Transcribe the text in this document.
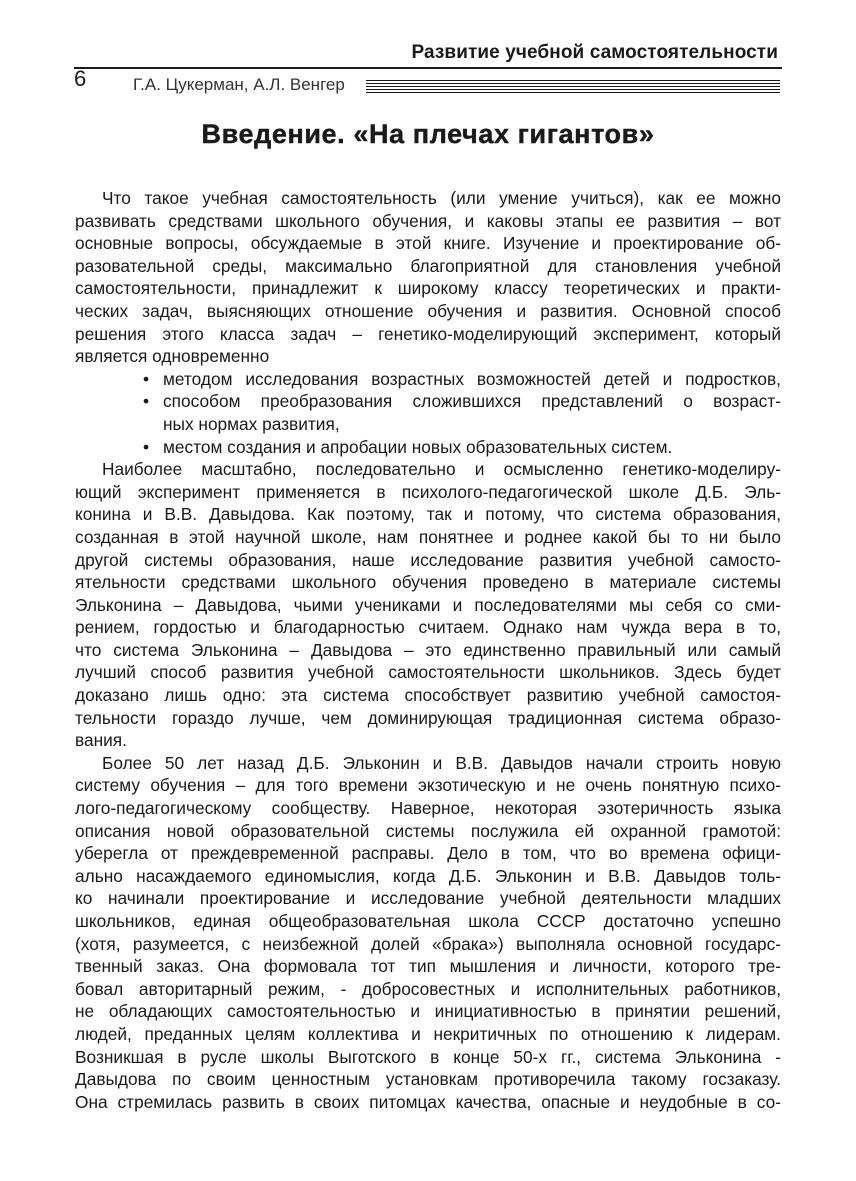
Развитие учебной самостоятельности
6	Г.А. Цукерман, А.Л. Венгер
Введение. «На плечах гигантов»
Что такое учебная самостоятельность (или умение учиться), как ее можно
развивать средствами школьного обучения, и каковы этапы ее развития – вот
основные вопросы, обсуждаемые в этой книге. Изучение и проектирование об-
разовательной среды, максимально благоприятной для становления учебной
самостоятельности, принадлежит к широкому классу теоретических и практи-
ческих задач, выясняющих отношение обучения и развития. Основной способ
решения этого класса задач – генетико-моделирующий эксперимент, который
является одновременно
• методом исследования возрастных возможностей детей и подростков,
• способом преобразования сложившихся представлений о возраст-
ных нормах развития,
• местом создания и апробации новых образовательных систем.
Наиболее масштабно, последовательно и осмысленно генетико-моделиру-
ющий эксперимент применяется в психолого-педагогической школе Д.Б. Эль-
конина и В.В. Давыдова. Как поэтому, так и потому, что система образования,
созданная в этой научной школе, нам понятнее и роднее какой бы то ни было
другой системы образования, наше исследование развития учебной самосто-
ятельности средствами школьного обучения проведено в материале системы
Эльконина – Давыдова, чьими учениками и последователями мы себя со сми-
рением, гордостью и благодарностью считаем. Однако нам чужда вера в то,
что система Эльконина – Давыдова – это единственно правильный или самый
лучший способ развития учебной самостоятельности школьников. Здесь будет
доказано лишь одно: эта система способствует развитию учебной самостоя-
тельности гораздо лучше, чем доминирующая традиционная система образо-
вания.
Более 50 лет назад Д.Б. Эльконин и В.В. Давыдов начали строить новую
систему обучения – для того времени экзотическую и не очень понятную психо-
лого-педагогическому сообществу. Наверное, некоторая эзотеричность языка
описания новой образовательной системы послужила ей охранной грамотой:
уберегла от преждевременной расправы. Дело в том, что во времена офици-
ально насаждаемого единомыслия, когда Д.Б. Эльконин и В.В. Давыдов толь-
ко начинали проектирование и исследование учебной деятельности младших
школьников, единая общеобразовательная школа СССР достаточно успешно
(хотя, разумеется, с неизбежной долей «брака») выполняла основной государс-
твенный заказ. Она формовала тот тип мышления и личности, которого тре-
бовал авторитарный режим, - добросовестных и исполнительных работников,
не обладающих самостоятельностью и инициативностью в принятии решений,
людей, преданных целям коллектива и некритичных по отношению к лидерам.
Возникшая в русле школы Выготского в конце 50-х гг., система Эльконина -
Давыдова по своим ценностным установкам противоречила такому госзаказу.
Она стремилась развить в своих питомцах качества, опасные и неудобные в со-
